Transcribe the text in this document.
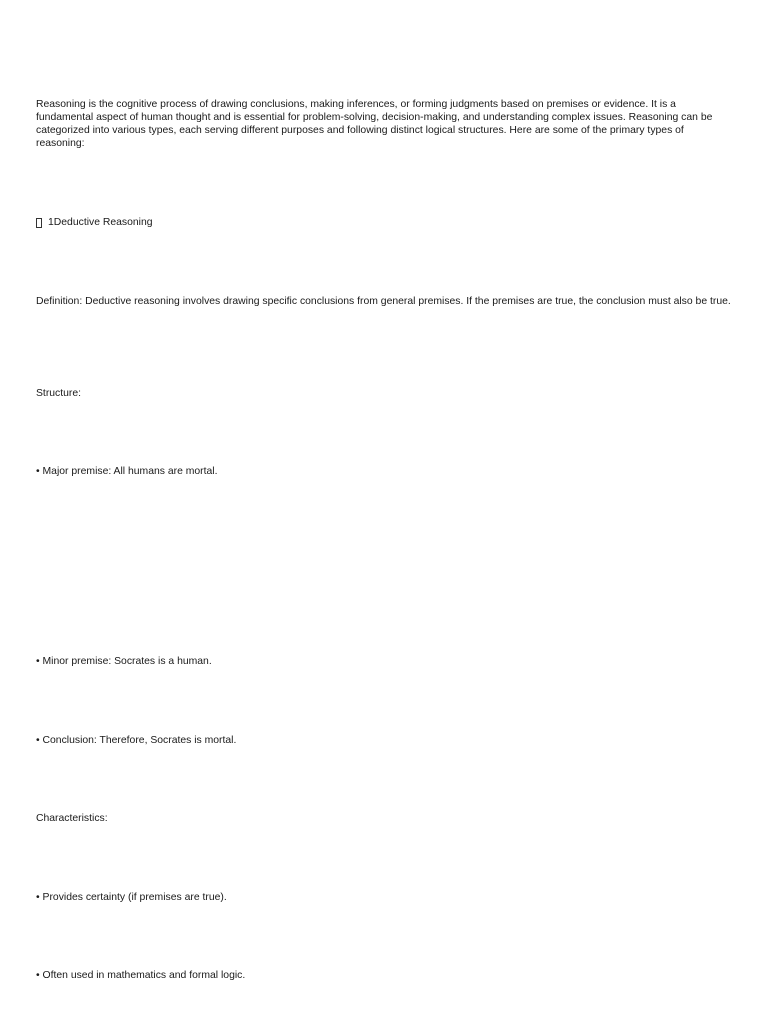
Reasoning is the cognitive process of drawing conclusions, making inferences, or forming judgments based on premises or evidence. It is a fundamental aspect of human thought and is essential for problem-solving, decision-making, and understanding complex issues. Reasoning can be categorized into various types, each serving different purposes and following distinct logical structures. Here are some of the primary types of reasoning:

1Deductive Reasoning

Definition: Deductive reasoning involves drawing specific conclusions from general premises. If the premises are true, the conclusion must also be true.

Structure:

• Major premise: All humans are mortal.

• Minor premise: Socrates is a human.

• Conclusion: Therefore, Socrates is mortal.

Characteristics:

• Provides certainty (if premises are true).

• Often used in mathematics and formal logic.
